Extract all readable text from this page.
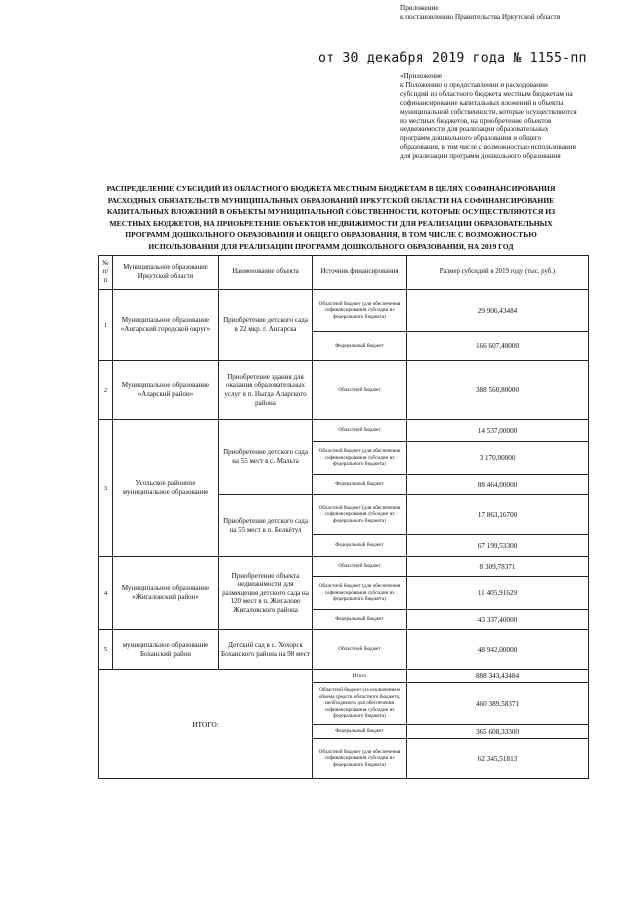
Приложение
к постановлению Правительства Иркутской области
от 30 декабря 2019 года № 1155-пп
«Приложение
к Положению о предоставлении и расходовании
субсидий из областного бюджета местным бюджетам на
софинансирование капитальных вложений в объекты
муниципальной собственности, которые осуществляются
из местных бюджетов, на приобретение объектов
недвижимости для реализации образовательных
программ дошкольного образования и общего
образования, в том числе с возможностью использования
для реализации программ дошкольного образования
РАСПРЕДЕЛЕНИЕ СУБСИДИЙ ИЗ ОБЛАСТНОГО БЮДЖЕТА МЕСТНЫМ БЮДЖЕТАМ В ЦЕЛЯХ СОФИНАНСИРОВАНИЯ РАСХОДНЫХ ОБЯЗАТЕЛЬСТВ МУНИЦИПАЛЬНЫХ ОБРАЗОВАНИЙ ИРКУТСКОЙ ОБЛАСТИ НА СОФИНАНСИРОВАНИЕ КАПИТАЛЬНЫХ ВЛОЖЕНИЙ В ОБЪЕКТЫ МУНИЦИПАЛЬНОЙ СОБСТВЕННОСТИ, КОТОРЫЕ ОСУЩЕСТВЛЯЮТСЯ ИЗ МЕСТНЫХ БЮДЖЕТОВ, НА ПРИОБРЕТЕНИЕ ОБЪЕКТОВ НЕДВИЖИМОСТИ ДЛЯ РЕАЛИЗАЦИИ ОБРАЗОВАТЕЛЬНЫХ ПРОГРАММ ДОШКОЛЬНОГО ОБРАЗОВАНИЯ И ОБЩЕГО ОБРАЗОВАНИЯ, В ТОМ ЧИСЛЕ С ВОЗМОЖНОСТЬЮ ИСПОЛЬЗОВАНИЯ ДЛЯ РЕАЛИЗАЦИИ ПРОГРАММ ДОШКОЛЬНОГО ОБРАЗОВАНИЯ, НА 2019 ГОД
№ п/п	Муниципальное образование Иркутской области	Наименование объекта	Источник финансирования	Размер субсидий в 2019 году (тыс. руб.)
1	Муниципальное образование «Ангарский городской округ»	Приобретение детского сада в 22 мкр. г. Ангарска	Областной бюджет (для обеспечения софинансирования субсидии из федерального бюджета)	29 906,43484
			Федеральный бюджет	166 607,40000
2	Муниципальное образование «Аларский район»	Приобретение здания для оказания образовательных услуг в п. Ныгда Аларского района	Областной бюджет	388 560,80000
3	Усольское районное муниципальное образование	Приобретение детского сада на 55 мест в с. Мальта	Областной бюджет	14 537,00000
			Областной бюджет (для обеспечения софинансирования субсидии из федерального бюджета)	3 170,00000
			Федеральный бюджет	88 464,00000
		Приобретение детского сада на 55 мест в п. Белкéтул	Областной бюджет (для обеспечения софинансирования субсидии из федерального бюджета)	17 863,16700
			Федеральный бюджет	67 199,53300
4	Муниципальное образование «Жигаловский район»	Приобретение объекта недвижимости для размещения детского сада на 120 мест в п. Жигалово Жигаловского района	Областной бюджет	8 309,78371
			Областной бюджет (для обеспечения софинансирования субсидии из федерального бюджета)	11 405,91629
			Федеральный бюджет	43 337,40000
5	муниципальное образование Боханский район	Детский сад в с. Хохорск Боханского района на 98 мест	Областной бюджет	48 942,00000
ИТОГО:			Итого	888 343,43484
			Областной бюджет (за исключением объема средств областного бюджета, необходимого для обеспечения софинансирования субсидии из федерального бюджета)	460 389,58371
			Федеральный бюджет	365 608,33300
			Областной бюджет (для обеспечения софинансирования субсидии из федерального бюджета)	62 345,51813
